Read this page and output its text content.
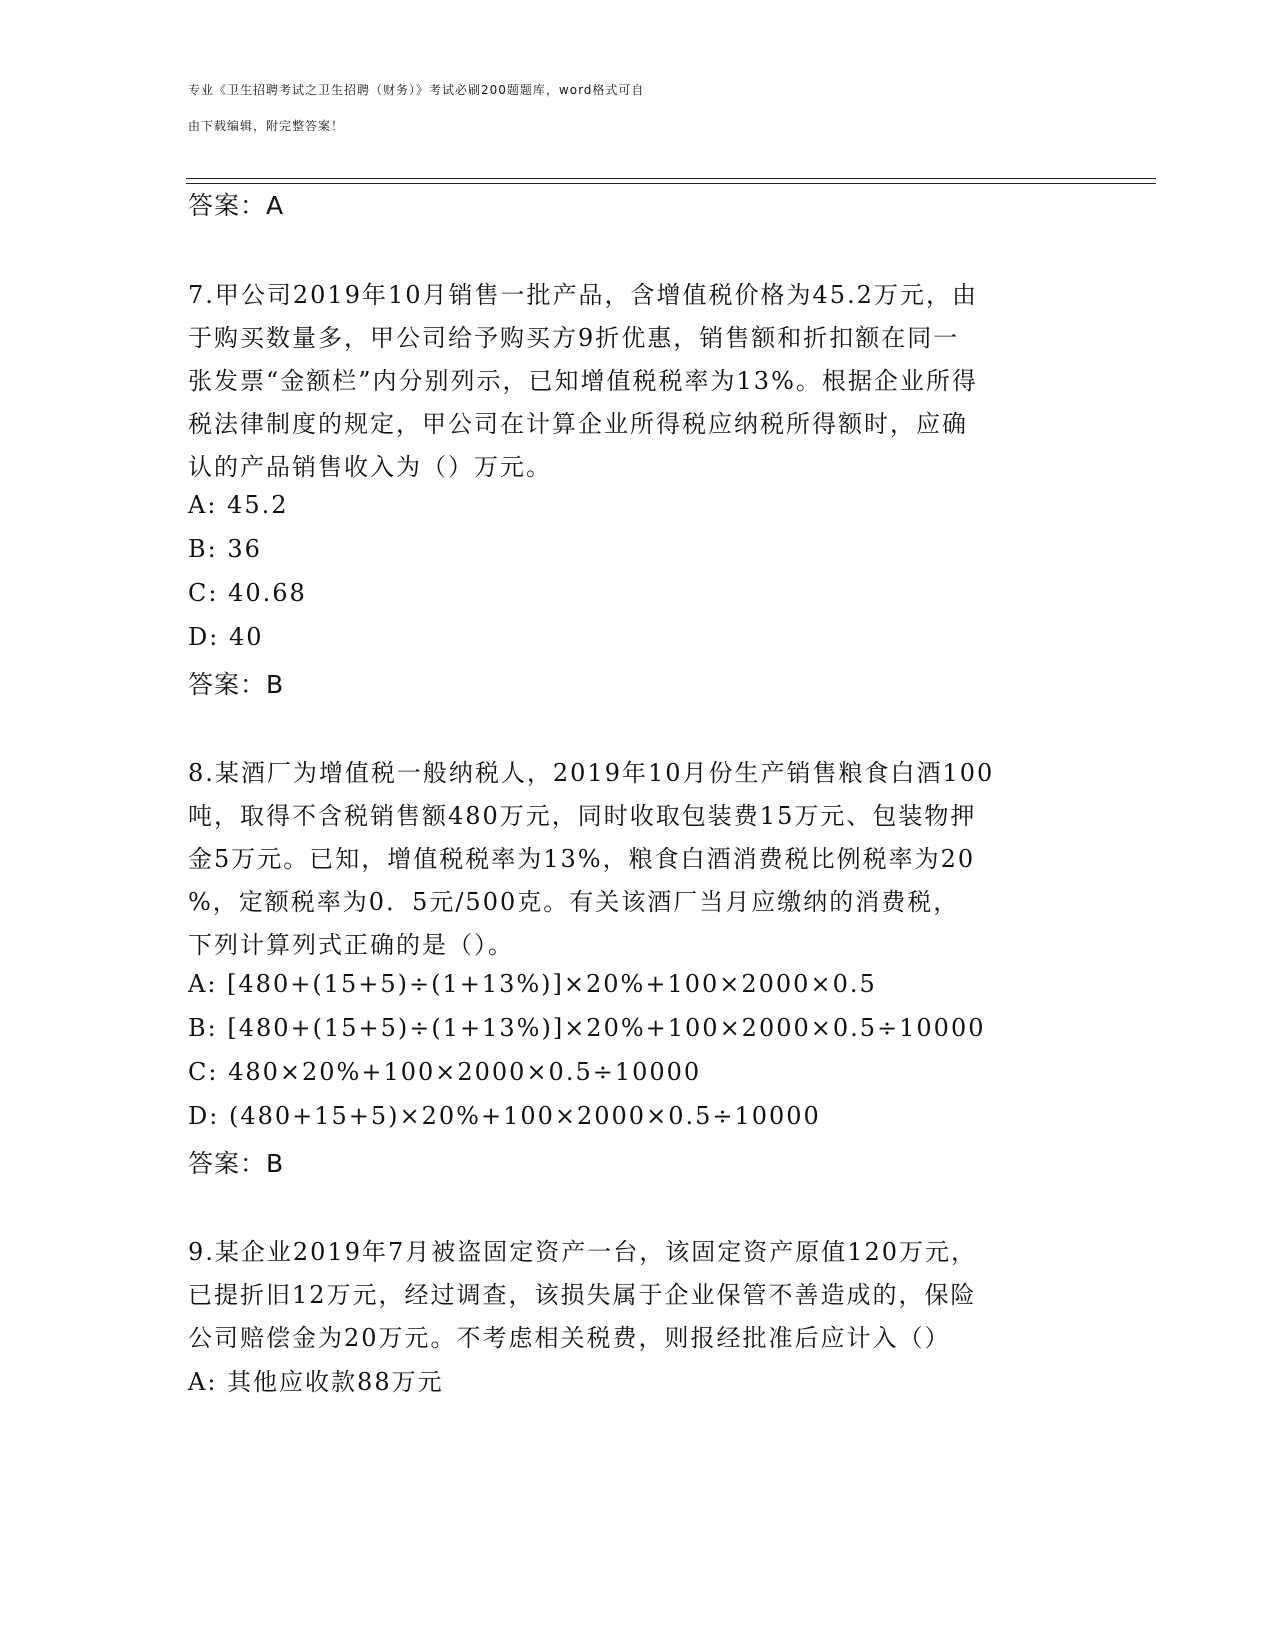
专业《卫生招聘考试之卫生招聘（财务）》考试必刷200题题库，word格式可自
由下载编辑，附完整答案！
答案：A
7.甲公司2019年10月销售一批产品，含增值税价格为45.2万元，由
于购买数量多，甲公司给予购买方9折优惠，销售额和折扣额在同一
张发票“金额栏”内分别列示，已知增值税税率为13%。根据企业所得
税法律制度的规定，甲公司在计算企业所得税应纳税所得额时，应确
认的产品销售收入为（）万元。
A: 45.2
B: 36
C: 40.68
D: 40
答案：B
8.某酒厂为增值税一般纳税人，2019年10月份生产销售粮食白酒100
吨，取得不含税销售额480万元，同时收取包装费15万元、包装物押
金5万元。已知，增值税税率为13%，粮食白酒消费税比例税率为20
%，定额税率为0．5元/500克。有关该酒厂当月应缴纳的消费税，
下列计算列式正确的是（）。
A: [480+(15+5)÷(1+13%)]×20%+100×2000×0.5
B: [480+(15+5)÷(1+13%)]×20%+100×2000×0.5÷10000
C: 480×20%+100×2000×0.5÷10000
D: (480+15+5)×20%+100×2000×0.5÷10000
答案：B
9.某企业2019年7月被盗固定资产一台，该固定资产原值120万元，
已提折旧12万元，经过调查，该损失属于企业保管不善造成的，保险
公司赔偿金为20万元。不考虑相关税费，则报经批准后应计入（）
A: 其他应收款88万元
